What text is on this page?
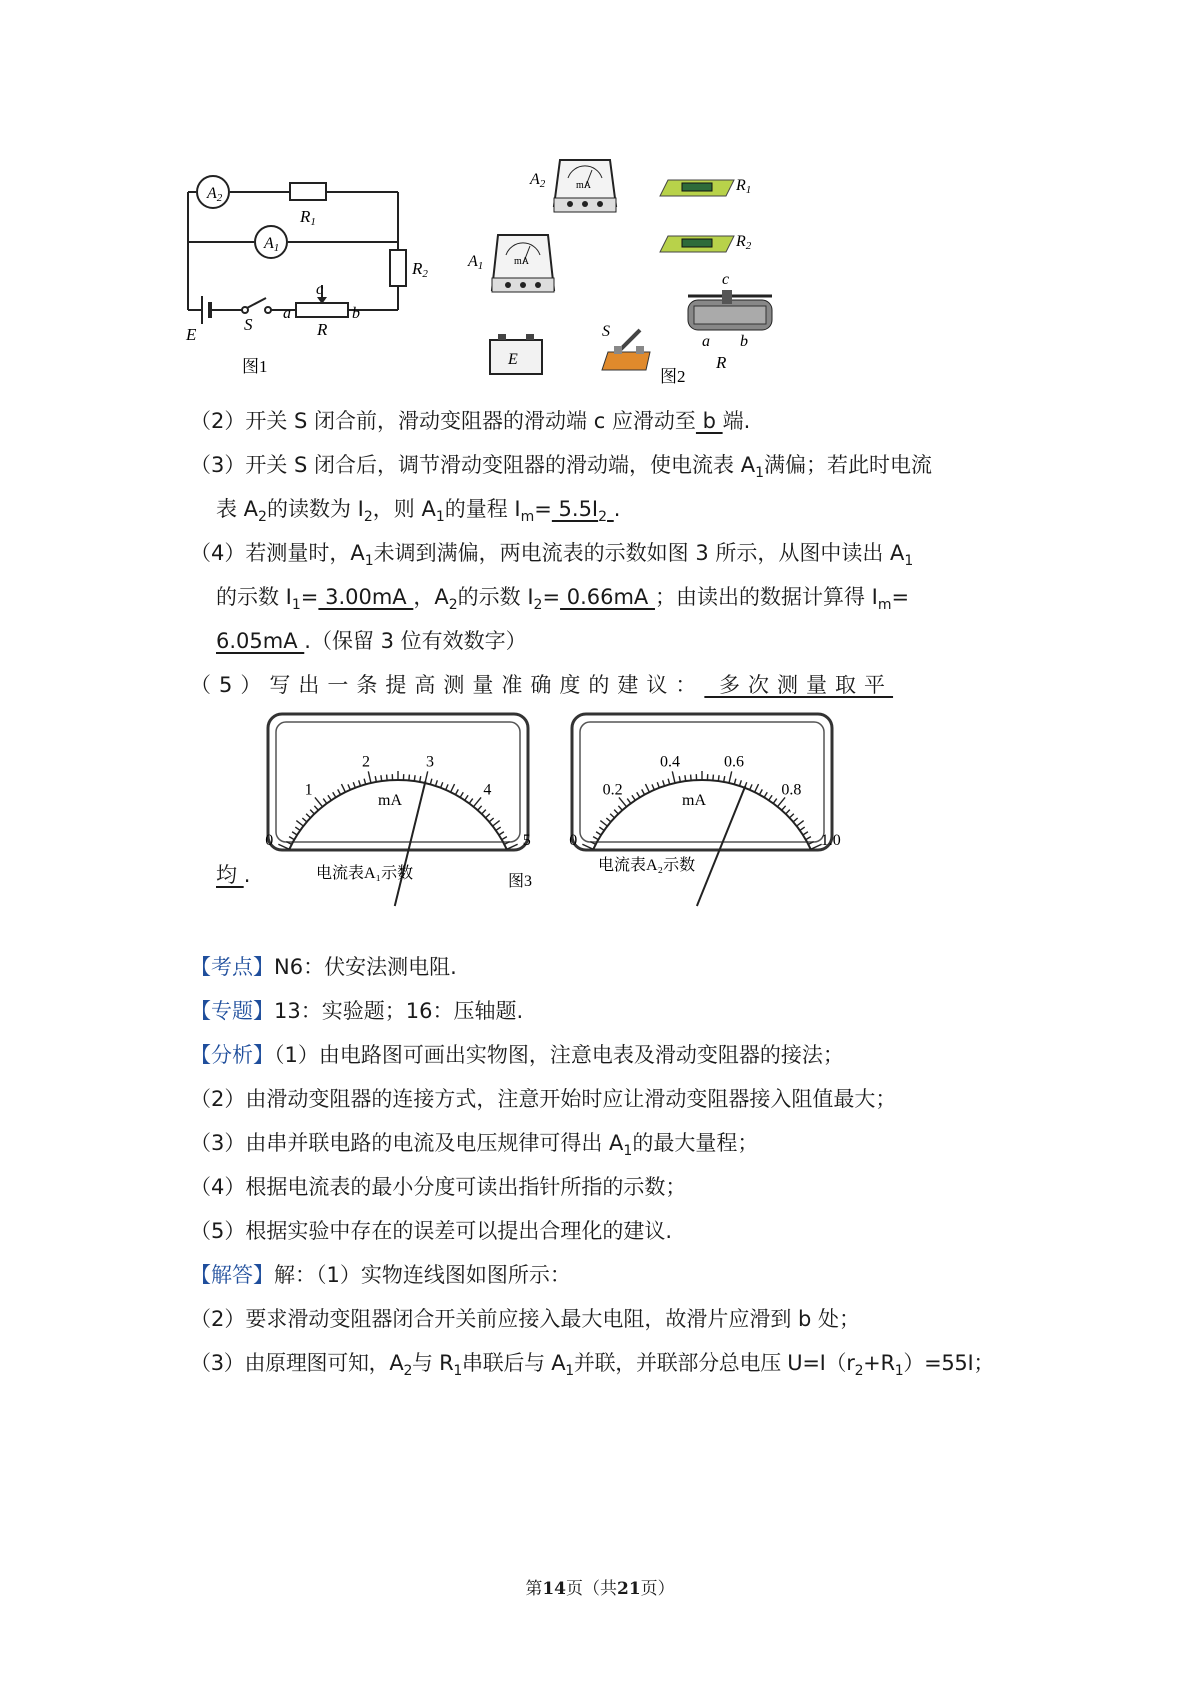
A2
A1
R1
R2
E
S
c
a	b
R
图1
mA
A2
mA
A1
R1
R2
c
a b
R
S
E
图2
（2）开关 S 闭合前，滑动变阻器的滑动端 c 应滑动至 b 端.
（3）开关 S 闭合后，调节滑动变阻器的滑动端，使电流表 $A_1$满偏；若此时电流
表 $A_2$的读数为 $I_2$，则 $A_1$的量程 $I_m= 5.5I_2$ .
（4）若测量时，$A_1$未调到满偏，两电流表的示数如图 3 所示，从图中读出 $A_1$
的示数 $I_1= 3.00mA$ ，$A_2$的示数 $I_2= 0.66mA$ ；由读出的数据计算得 $I_m=$
6.05mA .（保留 3 位有效数字）
（5）写出一条提高测量准确度的建议： 多次测量取平
0
1
2	3
4
5
mA
0
0.2
0.4	0.6
0.8
1.0
mA
电流表A₁示数	电流表A₂示数
图3
均 .
【考点】N6：伏安法测电阻.
【专题】13：实验题；16：压轴题.
【分析】（1）由电路图可画出实物图，注意电表及滑动变阻器的接法；
（2）由滑动变阻器的连接方式，注意开始时应让滑动变阻器接入阻值最大；
（3）由串并联电路的电流及电压规律可得出 $A_1$的最大量程；
（4）根据电流表的最小分度可读出指针所指的示数；
（5）根据实验中存在的误差可以提出合理化的建议.
【解答】解：（1）实物连线图如图所示：
（2）要求滑动变阻器闭合开关前应接入最大电阻，故滑片应滑到 b 处；
（3）由原理图可知，$A_2$与 $R_1$串联后与 $A_1$并联，并联部分总电压 $U=I(r_2+R_1)=55I$；
第14页（共21页）
